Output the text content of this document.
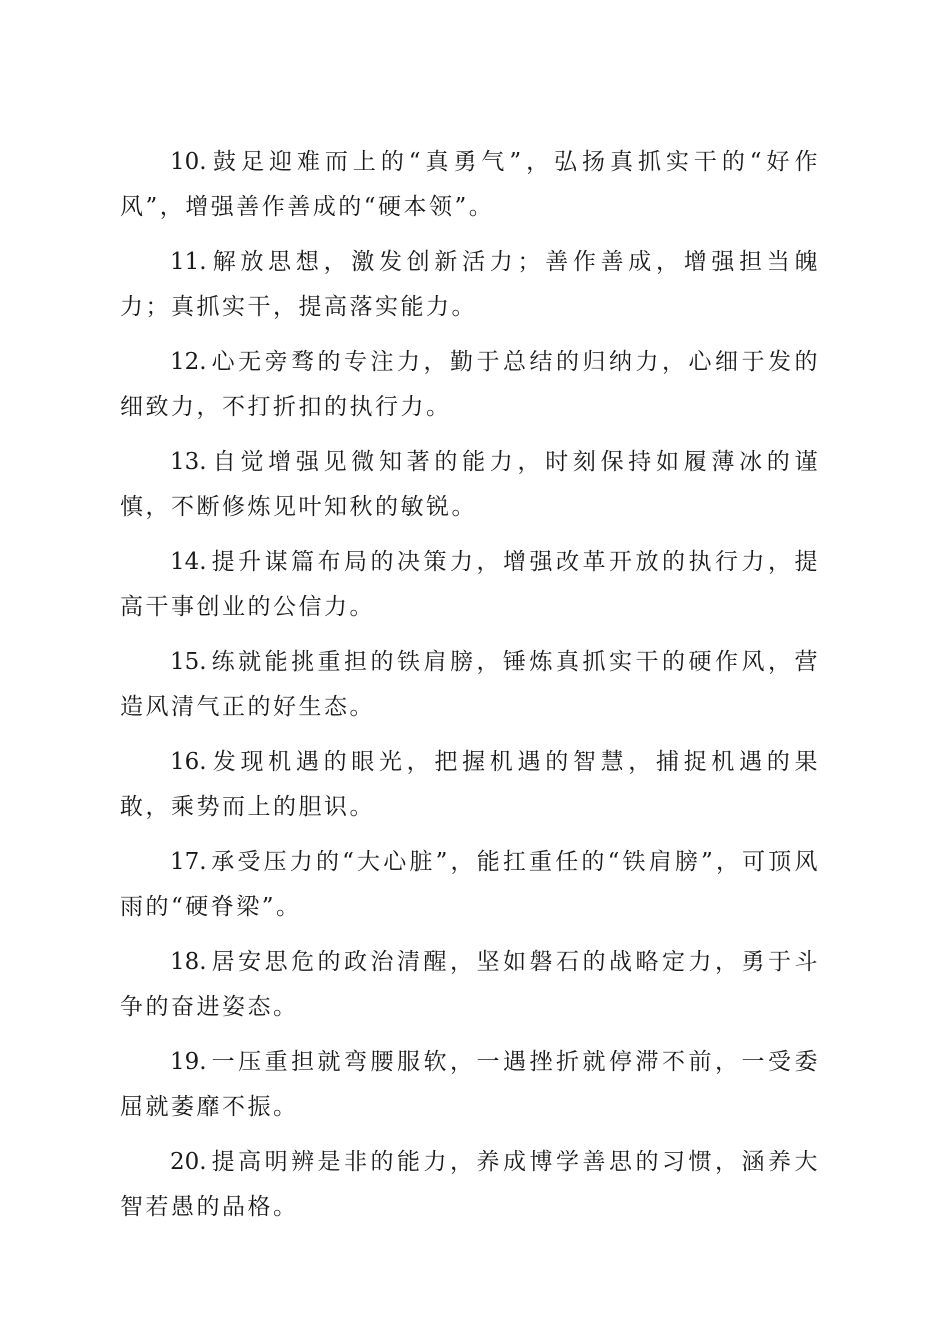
10. 鼓足迎难而上的“真勇气”，弘扬真抓实干的“好作风”，增强善作善成的“硬本领”。

11. 解放思想，激发创新活力；善作善成，增强担当魄力；真抓实干，提高落实能力。

12. 心无旁骛的专注力，勤于总结的归纳力，心细于发的细致力，不打折扣的执行力。

13. 自觉增强见微知著的能力，时刻保持如履薄冰的谨慎，不断修炼见叶知秋的敏锐。

14. 提升谋篇布局的决策力，增强改革开放的执行力，提高干事创业的公信力。

15. 练就能挑重担的铁肩膀，锤炼真抓实干的硬作风，营造风清气正的好生态。

16. 发现机遇的眼光，把握机遇的智慧，捕捉机遇的果敢，乘势而上的胆识。

17. 承受压力的“大心脏”，能扛重任的“铁肩膀”，可顶风雨的“硬脊梁”。

18. 居安思危的政治清醒，坚如磐石的战略定力，勇于斗争的奋进姿态。

19. 一压重担就弯腰服软，一遇挫折就停滞不前，一受委屈就萎靡不振。

20. 提高明辨是非的能力，养成博学善思的习惯，涵养大智若愚的品格。
